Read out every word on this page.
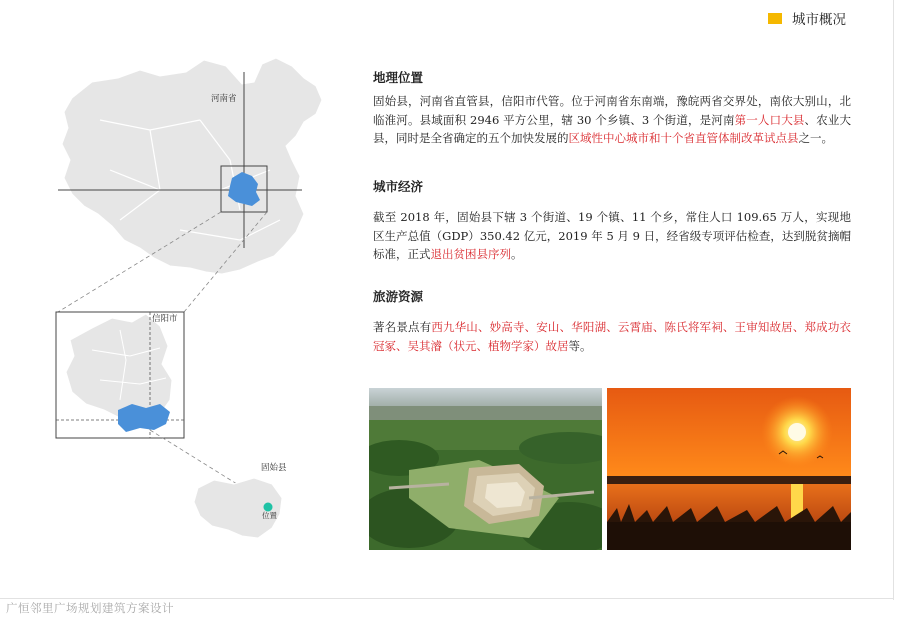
城市概况
广恒邻里广场规划建筑方案设计
河南省
信阳市
固始县
位置
地理位置
固始县，河南省直管县，信阳市代管。位于河南省东南端，豫皖两省交界处，南依大别山，北临淮河。县域面积 2946 平方公里，辖 30 个乡镇、3 个街道，是河南第一人口大县、农业大县，同时是全省确定的五个加快发展的区域性中心城市和十个省直管体制改革试点县之一。
城市经济
截至 2018 年，固始县下辖 3 个街道、19 个镇、11 个乡，常住人口 109.65 万人，实现地区生产总值（GDP）350.42 亿元，2019 年 5 月 9 日，经省级专项评估检查，达到脱贫摘帽标准，正式退出贫困县序列。
旅游资源
著名景点有西九华山、妙高寺、安山、华阳湖、云霄庙、陈氏将军祠、王审知故居、郑成功衣冠冢、吴其濬（状元、植物学家）故居等。
